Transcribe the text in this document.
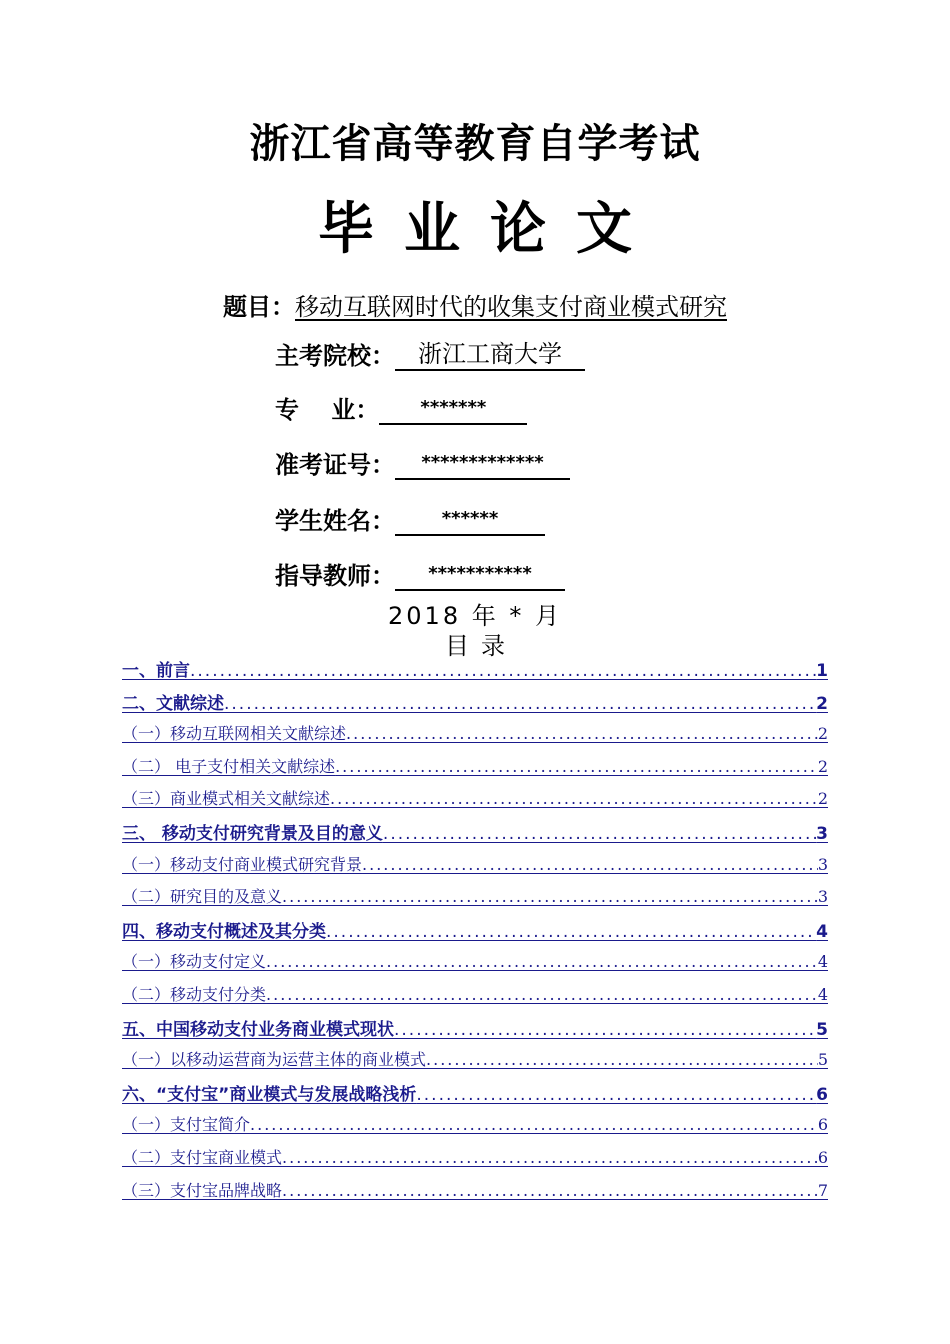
浙江省高等教育自学考试
毕业论文
题目：移动互联网时代的收集支付商业模式研究
主考院校： 浙江工商大学
专　 业： *******
准考证号： *************
学生姓名：	******
指导教师： ***********
2018 年 * 月
目录
一、前言 .....	1
二、文献综述 .....	2
（一）移动互联网相关文献综述 .....	2
（二） 电子支付相关文献综述 .....	2
（三）商业模式相关文献综述 .....	2
三、 移动支付研究背景及目的意义 .....	3
（一）移动支付商业模式研究背景 .....	3
（二）研究目的及意义 .....	3
四、移动支付概述及其分类 .....	4
（一）移动支付定义 .....	4
（二）移动支付分类 .....	4
五、中国移动支付业务商业模式现状 .....	5
（一）以移动运营商为运营主体的商业模式 .....	5
六、“支付宝”商业模式与发展战略浅析 .....	6
（一）支付宝简介 .....	6
（二）支付宝商业模式 .....	6
（三）支付宝品牌战略 .....	7
